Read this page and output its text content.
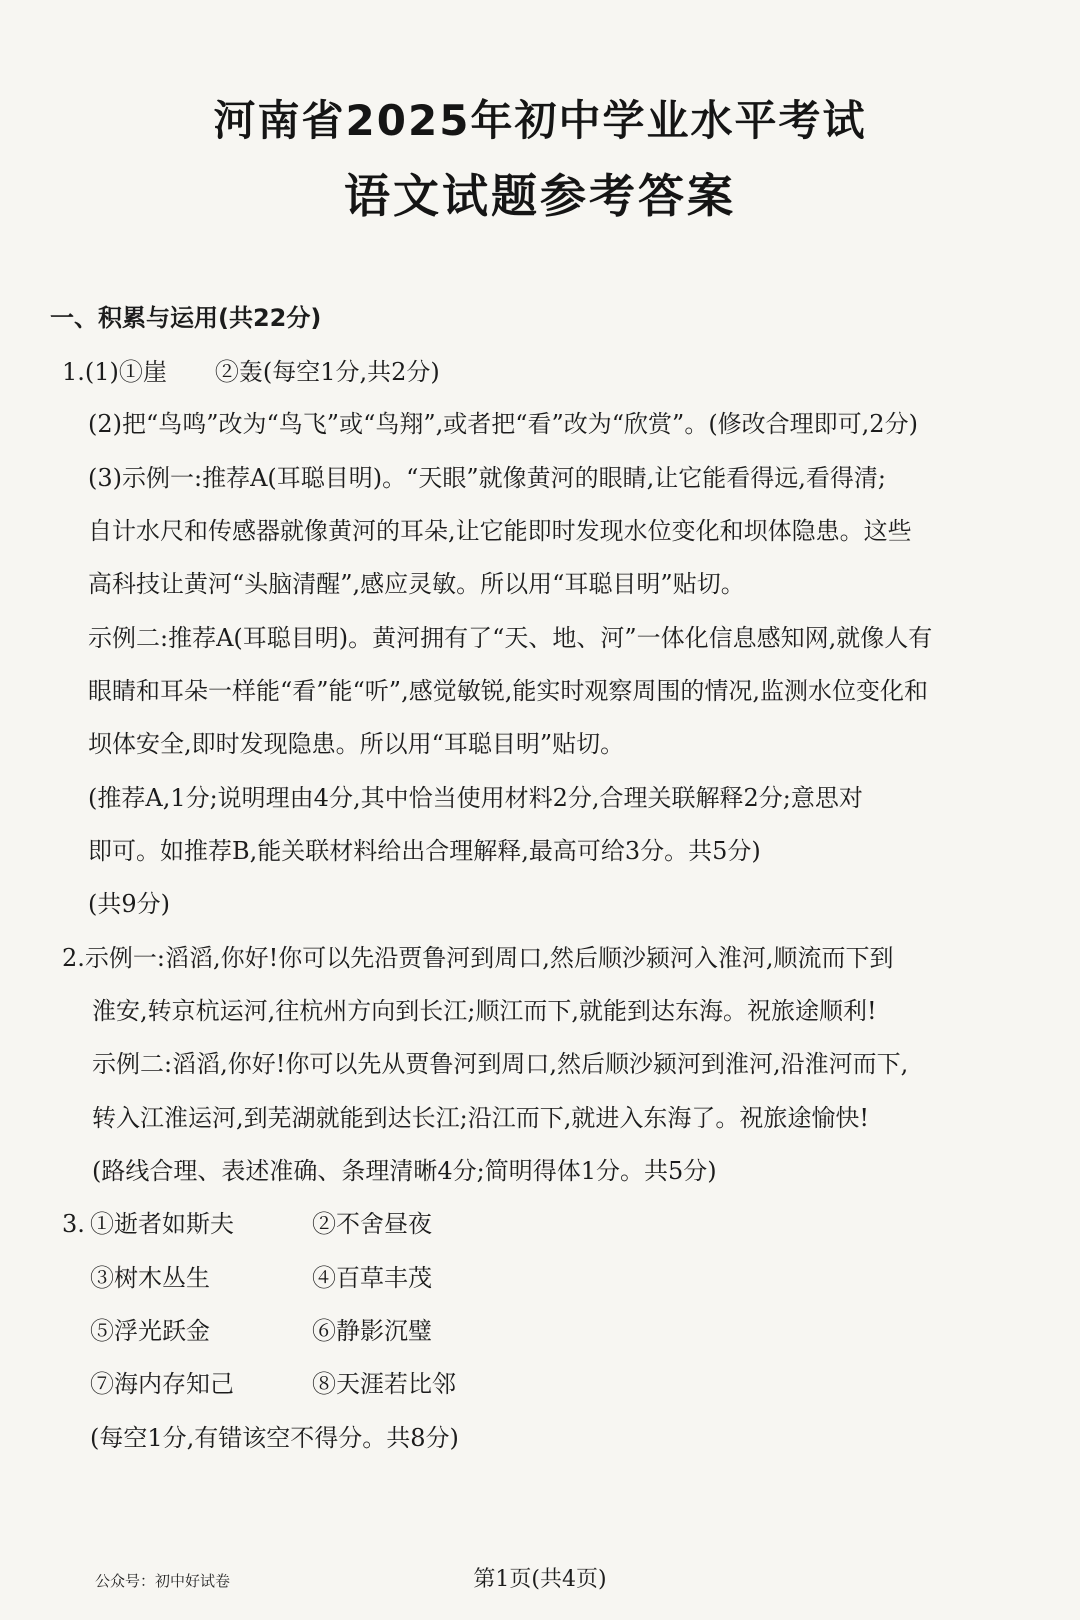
河南省2025年初中学业水平考试
语文试题参考答案
一、积累与运用(共22分)
1.(1)①崖　　②轰(每空1分,共2分)
(2)把“鸟鸣”改为“鸟飞”或“鸟翔”,或者把“看”改为“欣赏”。(修改合理即可,2分)
(3)示例一:推荐A(耳聪目明)。“天眼”就像黄河的眼睛,让它能看得远,看得清;
自计水尺和传感器就像黄河的耳朵,让它能即时发现水位变化和坝体隐患。这些
高科技让黄河“头脑清醒”,感应灵敏。所以用“耳聪目明”贴切。
示例二:推荐A(耳聪目明)。黄河拥有了“天、地、河”一体化信息感知网,就像人有
眼睛和耳朵一样能“看”能“听”,感觉敏锐,能实时观察周围的情况,监测水位变化和
坝体安全,即时发现隐患。所以用“耳聪目明”贴切。
(推荐A,1分;说明理由4分,其中恰当使用材料2分,合理关联解释2分;意思对
即可。如推荐B,能关联材料给出合理解释,最高可给3分。共5分)
(共9分)
2.示例一:滔滔,你好!你可以先沿贾鲁河到周口,然后顺沙颍河入淮河,顺流而下到
淮安,转京杭运河,往杭州方向到长江;顺江而下,就能到达东海。祝旅途顺利!
示例二:滔滔,你好!你可以先从贾鲁河到周口,然后顺沙颍河到淮河,沿淮河而下,
转入江淮运河,到芜湖就能到达长江;沿江而下,就进入东海了。祝旅途愉快!
(路线合理、表述准确、条理清晰4分;简明得体1分。共5分)
3. ①逝者如斯夫	②不舍昼夜
③树木丛生	④百草丰茂
⑤浮光跃金	⑥静影沉璧
⑦海内存知己	⑧天涯若比邻
(每空1分,有错该空不得分。共8分)
公众号：初中好试卷	第1页(共4页)
